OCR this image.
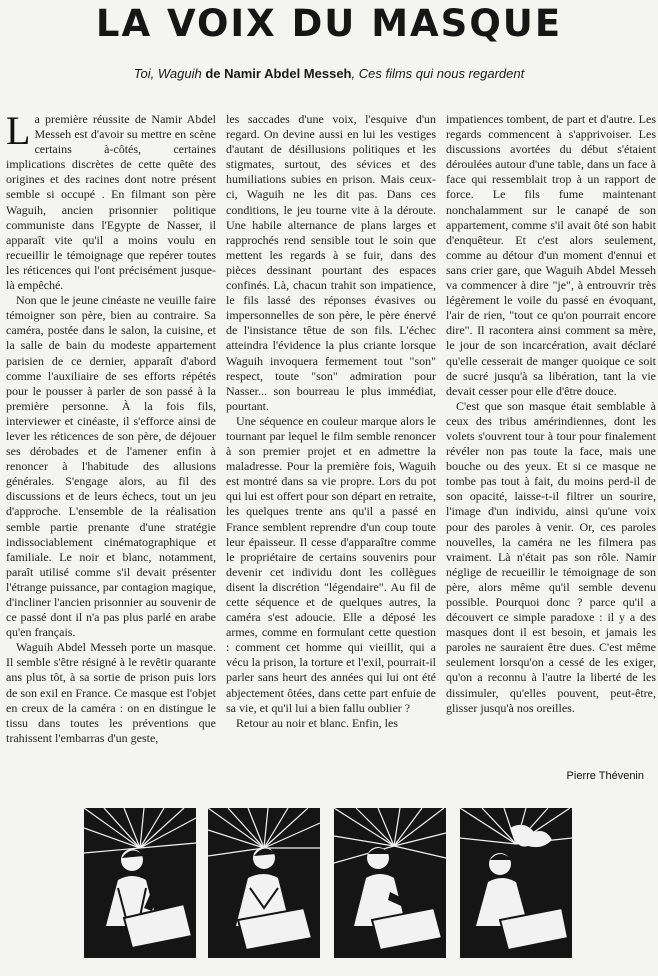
LA VOIX DU MASQUE
Toi, Waguih de Namir Abdel Messeh, Ces films qui nous regardent

La première réussite de Namir Abdel Messeh est d'avoir su mettre en scène certains à-côtés, certaines implications discrètes de cette quête des origines et des racines dont notre présent semble si occupé . En filmant son père Waguih, ancien prisonnier politique communiste dans l'Egypte de Nasser, il apparaît vite qu'il a moins voulu en recueillir le témoignage que repérer toutes les réticences qui l'ont précisément jusque-là empêché.

Non que le jeune cinéaste ne veuille faire témoigner son père, bien au contraire. Sa caméra, postée dans le salon, la cuisine, et la salle de bain du modeste appartement parisien de ce dernier, apparaît d'abord comme l'auxiliaire de ses efforts répétés pour le pousser à parler de son passé à la première personne. À la fois fils, interviewer et cinéaste, il s'efforce ainsi de lever les réticences de son père, de déjouer ses dérobades et de l'amener enfin à renoncer à l'habitude des allusions générales. S'engage alors, au fil des discussions et de leurs échecs, tout un jeu d'approche. L'ensemble de la réalisation semble partie prenante d'une stratégie indissociablement cinématographique et familiale. Le noir et blanc, notamment, paraît utilisé comme s'il devait présenter l'étrange puissance, par contagion magique, d'incliner l'ancien prisonnier au souvenir de ce passé dont il n'a pas plus parlé en arabe qu'en français.

Waguih Abdel Messeh porte un masque. Il semble s'être résigné à le revêtir quarante ans plus tôt, à sa sortie de prison puis lors de son exil en France. Ce masque est l'objet en creux de la caméra : on en distingue le tissu dans toutes les préventions que trahissent l'embarras d'un geste,

les saccades d'une voix, l'esquive d'un regard. On devine aussi en lui les vestiges d'autant de désillusions politiques et les stigmates, surtout, des sévices et des humiliations subies en prison. Mais ceux-ci, Waguih ne les dit pas. Dans ces conditions, le jeu tourne vite à la déroute. Une habile alternance de plans larges et rapprochés rend sensible tout le soin que mettent les regards à se fuir, dans des pièces dessinant pourtant des espaces confinés. Là, chacun trahit son impatience, le fils lassé des réponses évasives ou impersonnelles de son père, le père énervé de l'insistance têtue de son fils. L'échec atteindra l'évidence la plus criante lorsque Waguih invoquera fermement tout "son" respect, toute "son" admiration pour Nasser... son bourreau le plus immédiat, pourtant.

Une séquence en couleur marque alors le tournant par lequel le film semble renoncer à son premier projet et en admettre la maladresse. Pour la première fois, Waguih est montré dans sa vie propre. Lors du pot qui lui est offert pour son départ en retraite, les quelques trente ans qu'il a passé en France semblent reprendre d'un coup toute leur épaisseur. Il cesse d'apparaître comme le propriétaire de certains souvenirs pour devenir cet individu dont les collègues disent la discrétion "légendaire". Au fil de cette séquence et de quelques autres, la caméra s'est adoucie. Elle a déposé les armes, comme en formulant cette question : comment cet homme qui vieillit, qui a vécu la prison, la torture et l'exil, pourrait-il parler sans heurt des années qui lui ont été abjectement ôtées, dans cette part enfuie de sa vie, et qu'il lui a bien fallu oublier ?

Retour au noir et blanc. Enfin, les

impatiences tombent, de part et d'autre. Les regards commencent à s'apprivoiser. Les discussions avortées du début s'étaient déroulées autour d'une table, dans un face à face qui ressemblait trop à un rapport de force. Le fils fume maintenant nonchalamment sur le canapé de son appartement, comme s'il avait ôté son habit d'enquêteur. Et c'est alors seulement, comme au détour d'un moment d'ennui et sans crier gare, que Waguih Abdel Messeh va commencer à dire "je", à entrouvrir très légèrement le voile du passé en évoquant, l'air de rien, "tout ce qu'on pourrait encore dire". Il racontera ainsi comment sa mère, le jour de son incarcération, avait déclaré qu'elle cesserait de manger quoique ce soit de sucré jusqu'à sa libération, tant la vie devait cesser pour elle d'être douce.

C'est que son masque était semblable à ceux des tribus amérindiennes, dont les volets s'ouvrent tour à tour pour finalement révéler non pas toute la face, mais une bouche ou des yeux. Et si ce masque ne tombe pas tout à fait, du moins perd-il de son opacité, laisse-t-il filtrer un sourire, l'image d'un individu, ainsi qu'une voix pour des paroles à venir. Or, ces paroles nouvelles, la caméra ne les filmera pas vraiment. Là n'était pas son rôle. Namir néglige de recueillir le témoignage de son père, alors même qu'il semble devenu possible. Pourquoi donc ? parce qu'il a découvert ce simple paradoxe : il y a des masques dont il est besoin, et jamais les paroles ne sauraient être dues. C'est même seulement lorsqu'on a cessé de les exiger, qu'on a reconnu à l'autre la liberté de les dissimuler, qu'elles pouvent, peut-être, glisser jusqu'à nos oreilles.

Pierre Thévenin
